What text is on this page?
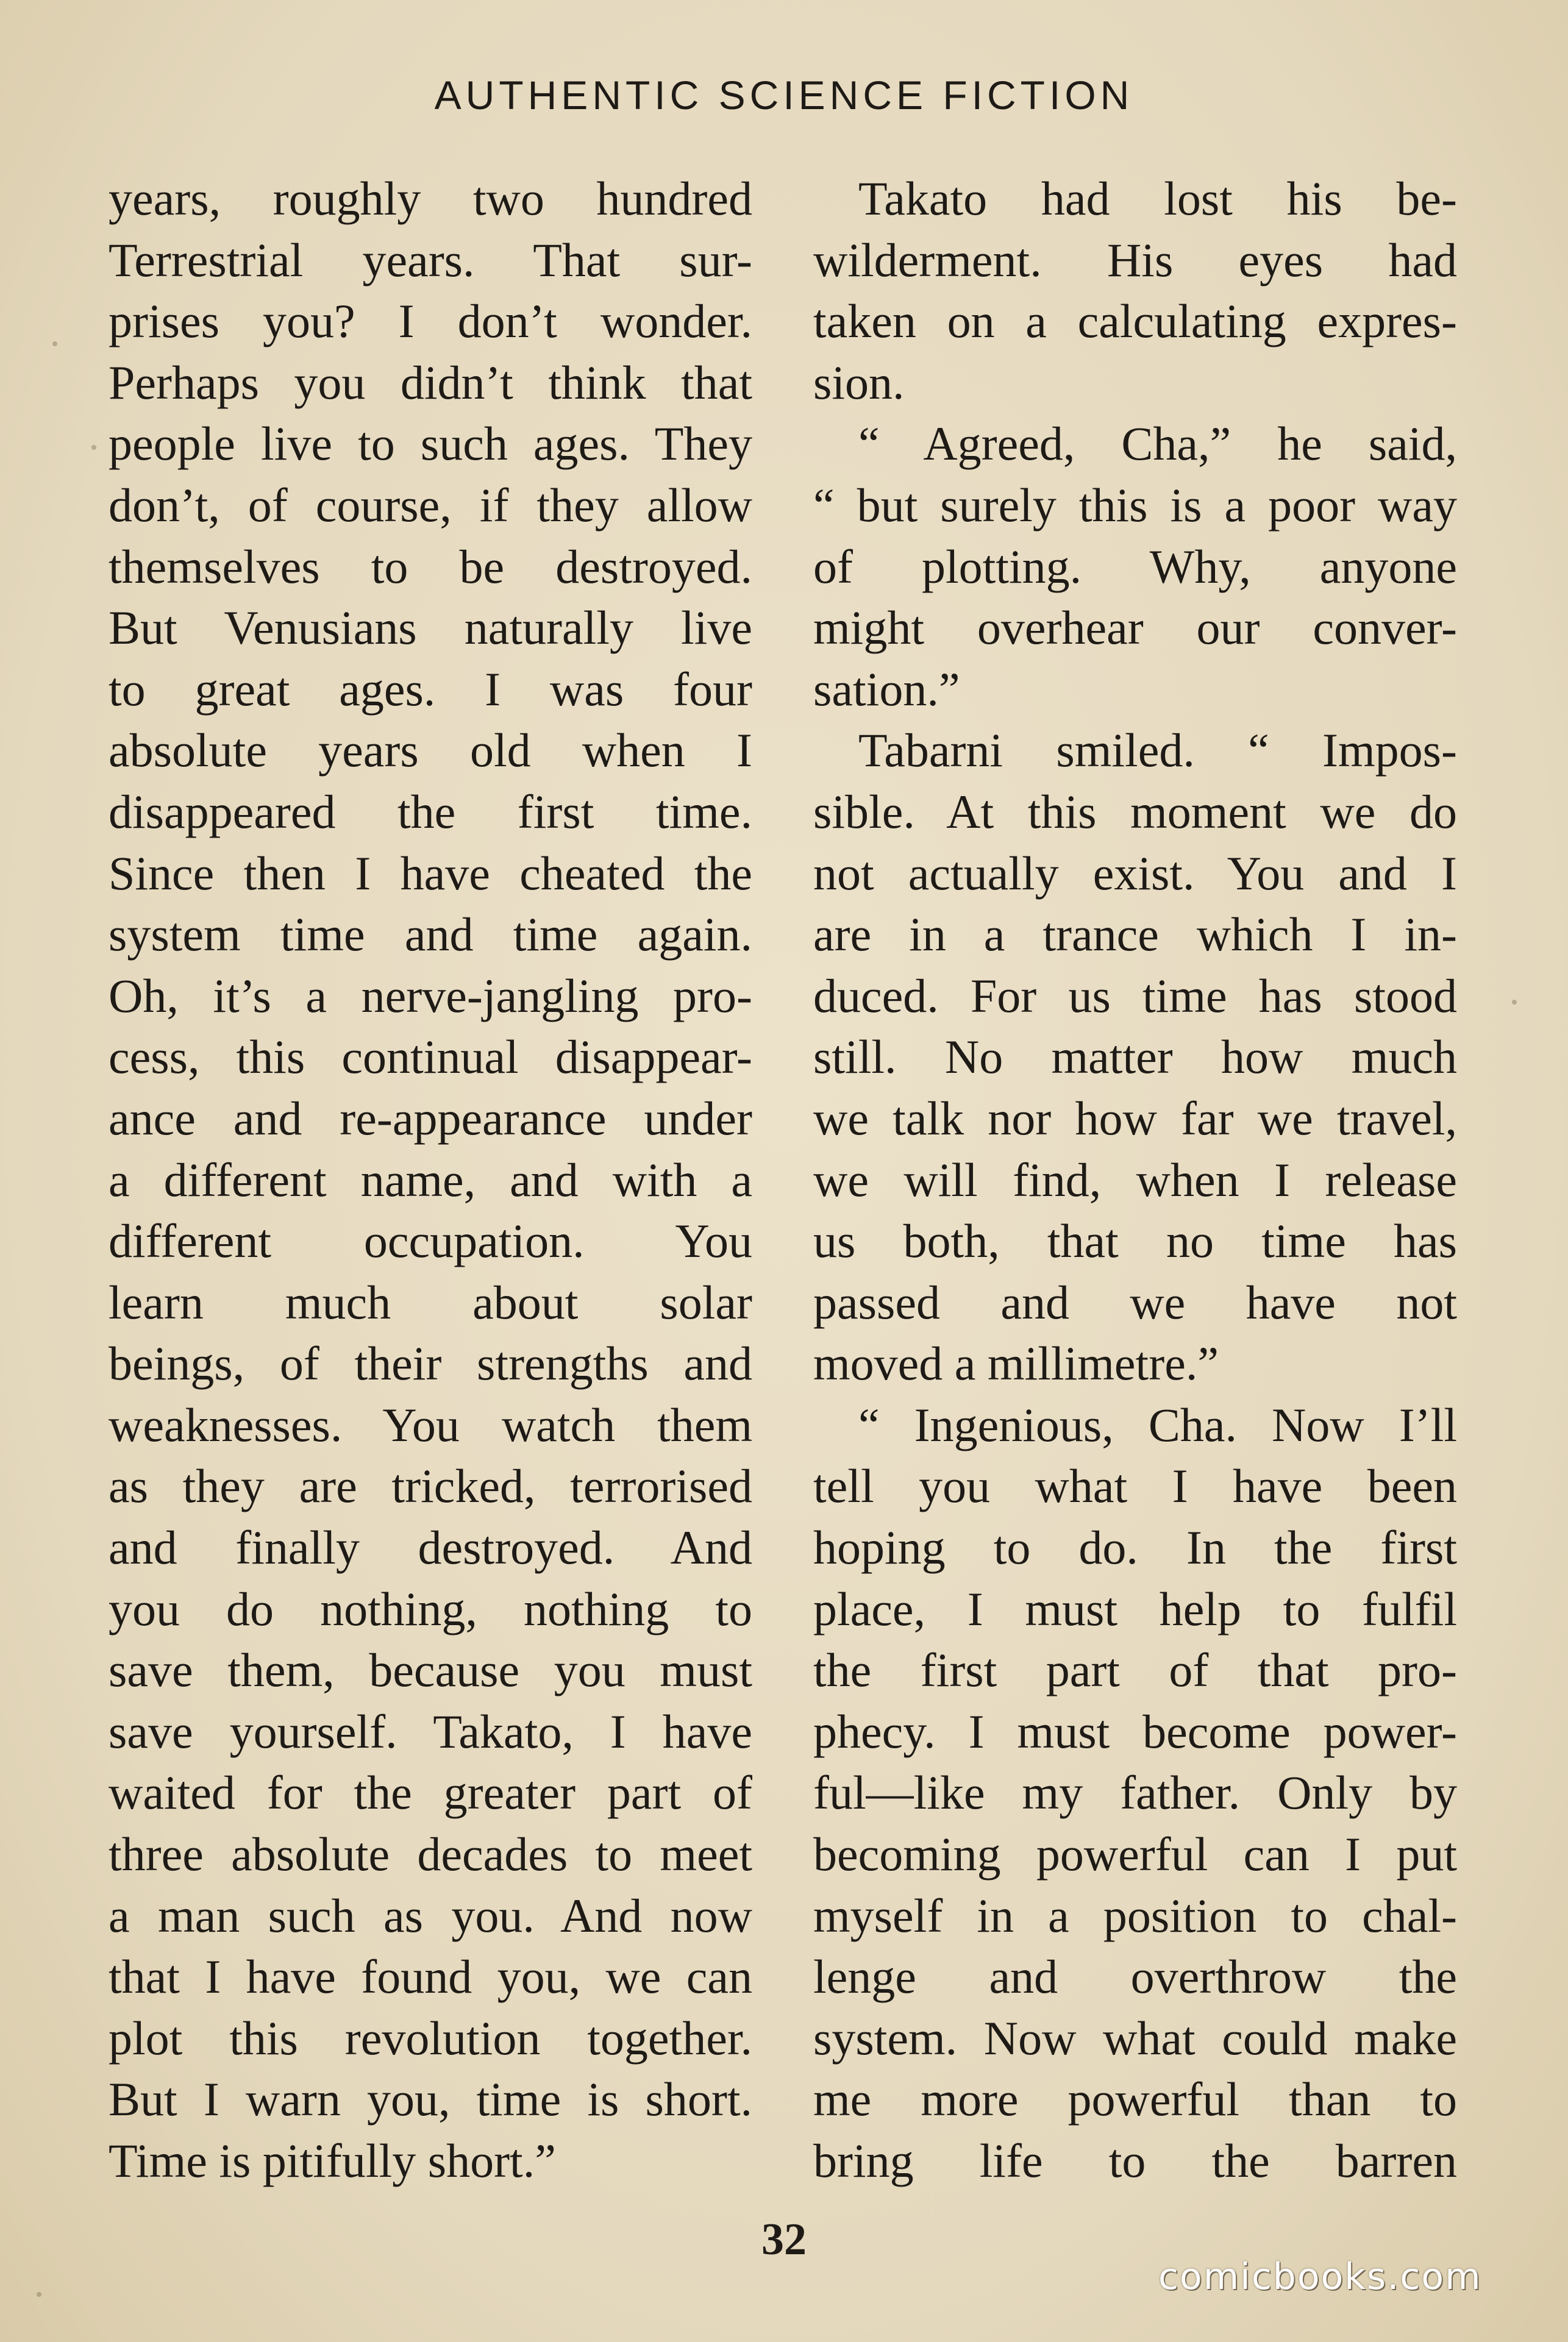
AUTHENTIC SCIENCE FICTION
years, roughly two hundred
Terrestrial years. That sur-
prises you? I don’t wonder.
Perhaps you didn’t think that
people live to such ages. They
don’t, of course, if they allow
themselves to be destroyed.
But Venusians naturally live
to great ages. I was four
absolute years old when I
disappeared the first time.
Since then I have cheated the
system time and time again.
Oh, it’s a nerve-jangling pro-
cess, this continual disappear-
ance and re-appearance under
a different name, and with a
different occupation. You
learn much about solar
beings, of their strengths and
weaknesses. You watch them
as they are tricked, terrorised
and finally destroyed. And
you do nothing, nothing to
save them, because you must
save yourself. Takato, I have
waited for the greater part of
three absolute decades to meet
a man such as you. And now
that I have found you, we can
plot this revolution together.
But I warn you, time is short.
Time is pitifully short.”
Takato had lost his be-
wilderment. His eyes had
taken on a calculating expres-
sion.
“ Agreed, Cha,” he said,
“ but surely this is a poor way
of plotting. Why, anyone
might overhear our conver-
sation.”
Tabarni smiled. “ Impos-
sible. At this moment we do
not actually exist. You and I
are in a trance which I in-
duced. For us time has stood
still. No matter how much
we talk nor how far we travel,
we will find, when I release
us both, that no time has
passed and we have not
moved a millimetre.”
“ Ingenious, Cha. Now I’ll
tell you what I have been
hoping to do. In the first
place, I must help to fulfil
the first part of that pro-
phecy. I must become power-
ful—like my father. Only by
becoming powerful can I put
myself in a position to chal-
lenge and overthrow the
system. Now what could make
me more powerful than to
bring life to the barren
32
comicbooks.com
